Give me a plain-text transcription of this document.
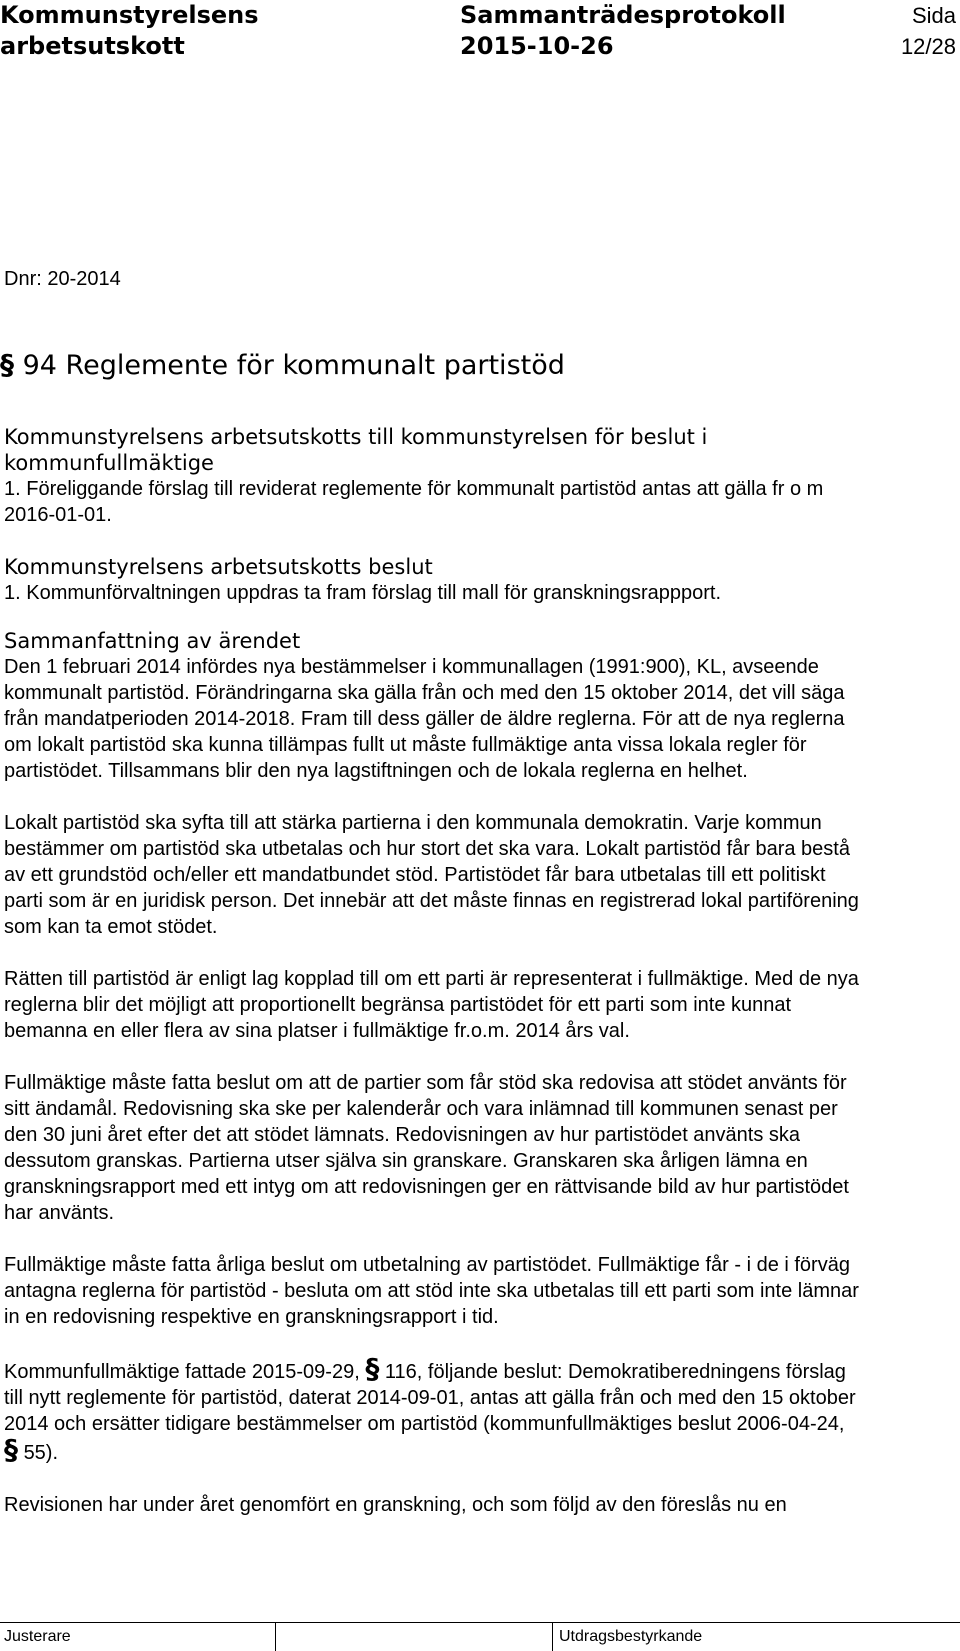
Kommunstyrelsens
arbetsutskott
Sammanträdesprotokoll
2015-10-26
Sida
12/28
Dnr: 20-2014
§ 94 Reglemente för kommunalt partistöd
Kommunstyrelsens arbetsutskotts till kommunstyrelsen för beslut i
kommunfullmäktige
1. Föreliggande förslag till reviderat reglemente för kommunalt partistöd antas att gälla fr o m
2016-01-01.
Kommunstyrelsens arbetsutskotts beslut
1. Kommunförvaltningen uppdras ta fram förslag till mall för granskningsrappport.
Sammanfattning av ärendet
Den 1 februari 2014 infördes nya bestämmelser i kommunallagen (1991:900), KL, avseende
kommunalt partistöd. Förändringarna ska gälla från och med den 15 oktober 2014, det vill säga
från mandatperioden 2014-2018. Fram till dess gäller de äldre reglerna. För att de nya reglerna
om lokalt partistöd ska kunna tillämpas fullt ut måste fullmäktige anta vissa lokala regler för
partistödet. Tillsammans blir den nya lagstiftningen och de lokala reglerna en helhet.
Lokalt partistöd ska syfta till att stärka partierna i den kommunala demokratin. Varje kommun
bestämmer om partistöd ska utbetalas och hur stort det ska vara. Lokalt partistöd får bara bestå
av ett grundstöd och/eller ett mandatbundet stöd. Partistödet får bara utbetalas till ett politiskt
parti som är en juridisk person. Det innebär att det måste finnas en registrerad lokal partiförening
som kan ta emot stödet.
Rätten till partistöd är enligt lag kopplad till om ett parti är representerat i fullmäktige. Med de nya
reglerna blir det möjligt att proportionellt begränsa partistödet för ett parti som inte kunnat
bemanna en eller flera av sina platser i fullmäktige fr.o.m. 2014 års val.
Fullmäktige måste fatta beslut om att de partier som får stöd ska redovisa att stödet använts för
sitt ändamål. Redovisning ska ske per kalenderår och vara inlämnad till kommunen senast per
den 30 juni året efter det att stödet lämnats. Redovisningen av hur partistödet använts ska
dessutom granskas. Partierna utser själva sin granskare. Granskaren ska årligen lämna en
granskningsrapport med ett intyg om att redovisningen ger en rättvisande bild av hur partistödet
har använts.
Fullmäktige måste fatta årliga beslut om utbetalning av partistödet. Fullmäktige får - i de i förväg
antagna reglerna för partistöd - besluta om att stöd inte ska utbetalas till ett parti som inte lämnar
in en redovisning respektive en granskningsrapport i tid.
Kommunfullmäktige fattade 2015-09-29, § 116, följande beslut: Demokratiberedningens förslag
till nytt reglemente för partistöd, daterat 2014-09-01, antas att gälla från och med den 15 oktober
2014 och ersätter tidigare bestämmelser om partistöd (kommunfullmäktiges beslut 2006-04-24,
§ 55).
Revisionen har under året genomfört en granskning, och som följd av den föreslås nu en
Justerare	Utdragsbestyrkande
